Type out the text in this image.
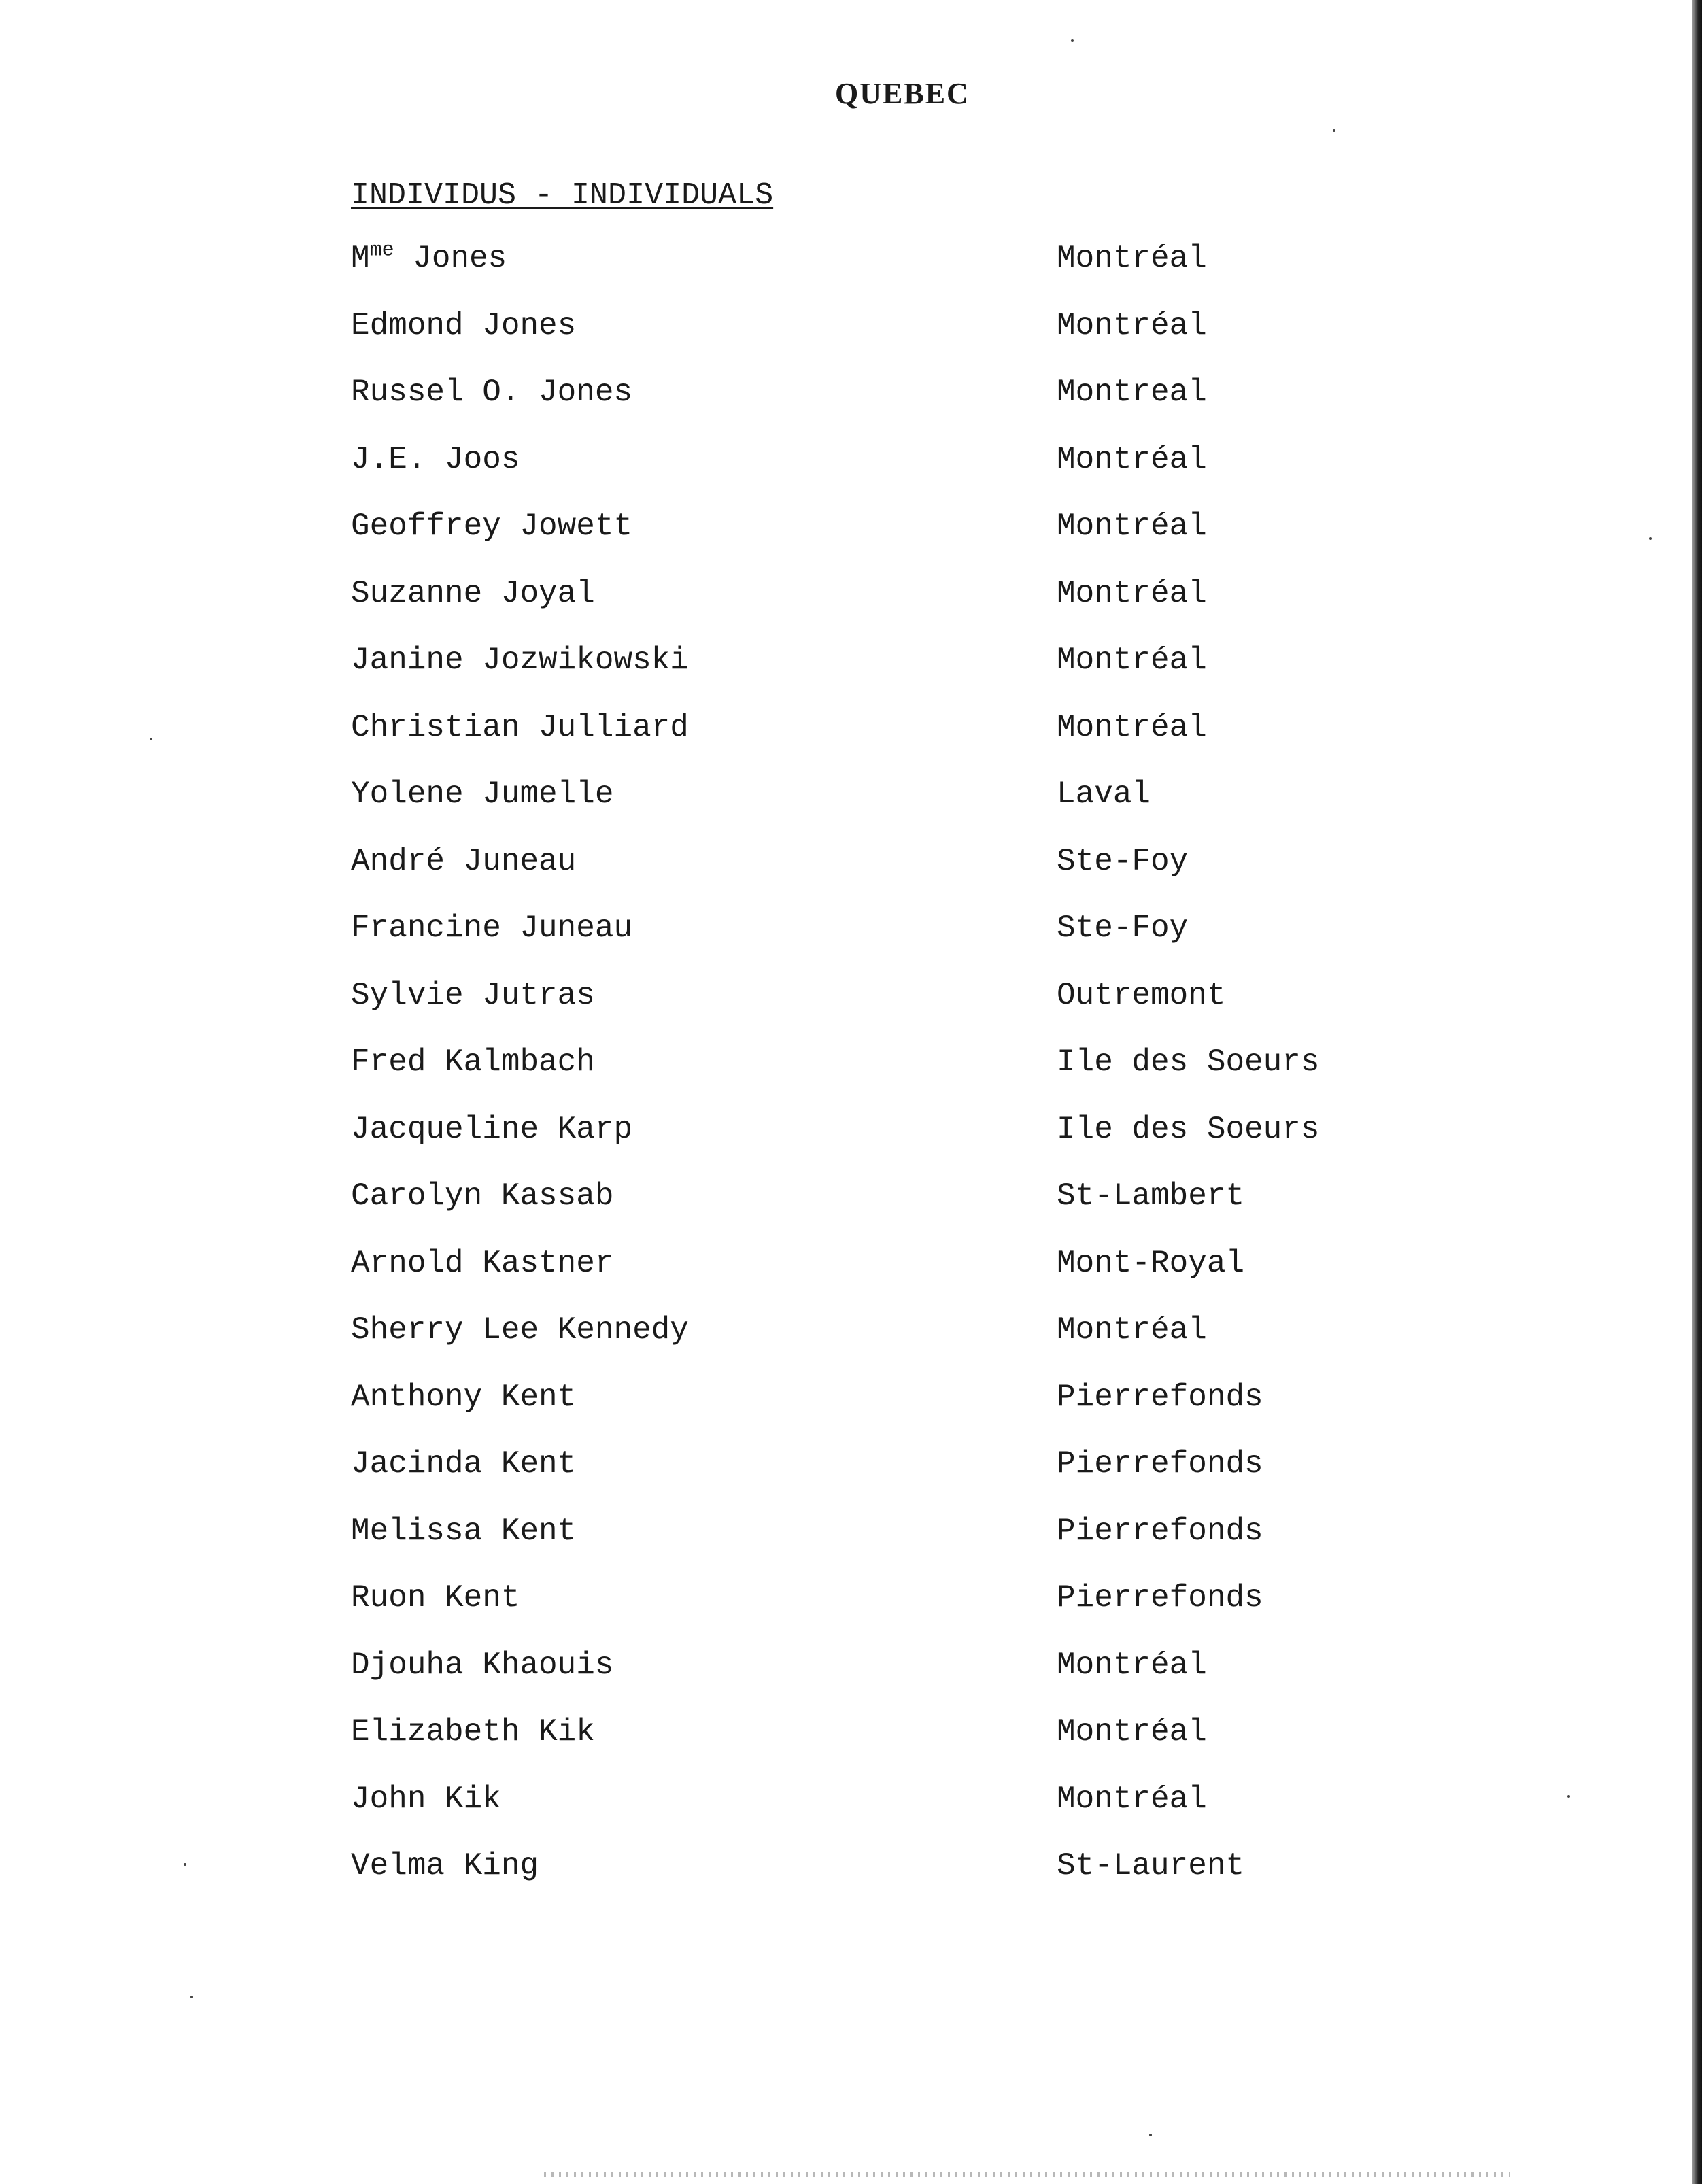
QUEBEC
INDIVIDUS - INDIVIDUALS
$M^{me}$ Jones	Montréal
Edmond Jones	Montréal
Russel O. Jones	Montreal
J.E. Joos	Montréal
Geoffrey Jowett	Montréal
Suzanne Joyal	Montréal
Janine Jozwikowski	Montréal
Christian Julliard	Montréal
Yolene Jumelle	Laval
André Juneau	Ste-Foy
Francine Juneau	Ste-Foy
Sylvie Jutras	Outremont
Fred Kalmbach	Ile des Soeurs
Jacqueline Karp	Ile des Soeurs
Carolyn Kassab	St-Lambert
Arnold Kastner	Mont-Royal
Sherry Lee Kennedy	Montréal
Anthony Kent	Pierrefonds
Jacinda Kent	Pierrefonds
Melissa Kent	Pierrefonds
Ruon Kent	Pierrefonds
Djouha Khaouis	Montréal
Elizabeth Kik	Montréal
John Kik	Montréal
Velma King	St-Laurent
